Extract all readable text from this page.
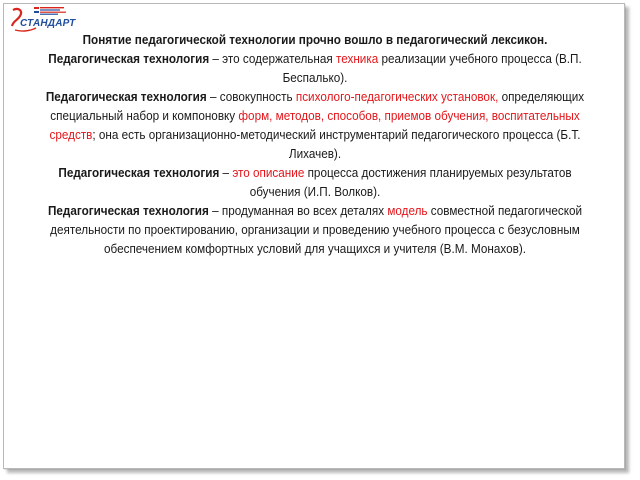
СТАНДАРТ

Понятие педагогической технологии прочно вошло в педагогический лексикон.

Педагогическая технология – это содержательная техника реализации учебного процесса (В.П. Беспалько).

Педагогическая технология – совокупность психолого-педагогических установок, определяющих специальный набор и компоновку форм, методов, способов, приемов обучения, воспитательных средств; она есть организационно-методический инструментарий педагогического процесса (Б.Т. Лихачев).

Педагогическая технология – это описание процесса достижения планируемых результатов обучения (И.П. Волков).

Педагогическая технология – продуманная во всех деталях модель совместной педагогической деятельности по проектированию, организации и проведению учебного процесса с безусловным обеспечением комфортных условий для учащихся и учителя (В.М. Монахов).
